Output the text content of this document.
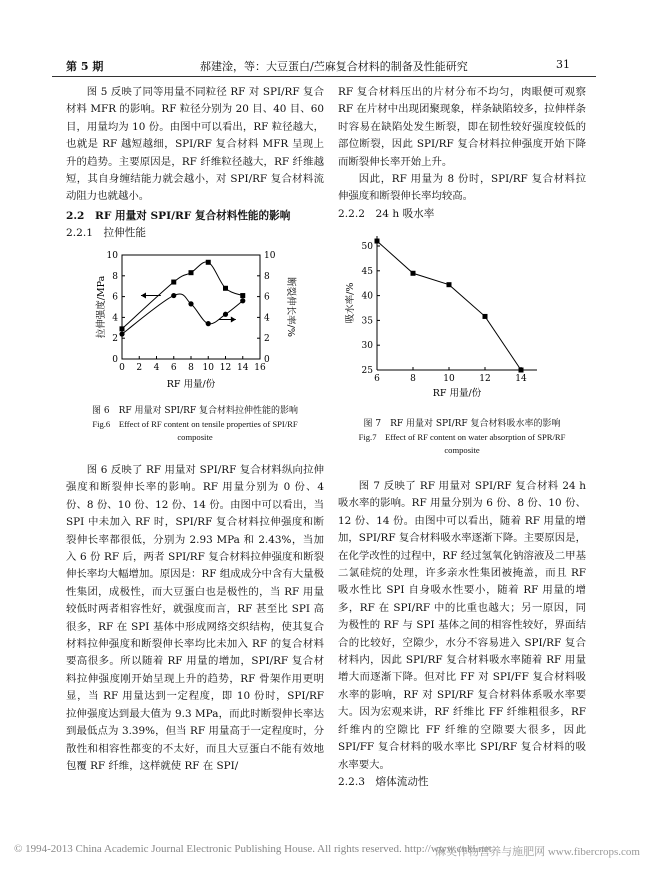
第 5 期	郝建淦，等：大豆蛋白/苎麻复合材料的制备及性能研究	31

图 5 反映了同等用量不同粒径 RF 对 SPI/RF 复合材料 MFR 的影响。RF 粒径分别为 20 目、40 目、60 目，用量均为 10 份。由图中可以看出，RF 粒径越大，也就是 RF 越短越细，SPI/RF 复合材料 MFR 呈现上升的趋势。主要原因是，RF 纤维粒径越大，RF 纤维越短，其自身缠结能力就会越小，对 SPI/RF 复合材料流动阻力也就越小。

2.2　RF 用量对 SPI/RF 复合材料性能的影响

2.2.1　拉伸性能

0 2 4 6 8 10 12 14 16
0
2
4
6
8
10
0
2
4
6
8
10
RF 用量/份
拉伸强度/MPa	断裂伸长率/%
图 6　RF 用量对 SPI/RF 复合材料拉伸性能的影响
Fig.6　Effect of RF content on tensile properties of SPI/RF
composite

图 6 反映了 RF 用量对 SPI/RF 复合材料纵向拉伸强度和断裂伸长率的影响。RF 用量分别为 0 份、4 份、8 份、10 份、12 份、14 份。由图中可以看出，当 SPI 中未加入 RF 时，SPI/RF 复合材料拉伸强度和断裂伸长率都很低，分别为 2.93 MPa 和 2.43%，当加入 6 份 RF 后，两者 SPI/RF 复合材料拉伸强度和断裂伸长率均大幅增加。原因是：RF 组成成分中含有大量极性集团，成极性，而大豆蛋白也是极性的，当 RF 用量较低时两者相容性好，就强度而言，RF 甚至比 SPI 高很多，RF 在 SPI 基体中形成网络交织结构，使其复合材料拉伸强度和断裂伸长率均比未加入 RF 的复合材料要高很多。所以随着 RF 用量的增加，SPI/RF 复合材料拉伸强度刚开始呈现上升的趋势，RF 骨架作用更明显，当 RF 用量达到一定程度，即 10 份时，SPI/RF 拉伸强度达到最大值为 9.3 MPa，而此时断裂伸长率达到最低点为 3.39%，但当 RF 用量高于一定程度时，分散性和相容性都变的不太好，而且大豆蛋白不能有效地包覆 RF 纤维，这样就使 RF 在 SPI/

RF 复合材料压出的片材分布不均匀，肉眼便可观察 RF 在片材中出现团聚现象，样条缺陷较多，拉伸样条时容易在缺陷处发生断裂，即在韧性较好强度较低的部位断裂，因此 SPI/RF 复合材料拉伸强度开始下降而断裂伸长率开始上升。

因此，RF 用量为 8 份时，SPI/RF 复合材料拉伸强度和断裂伸长率均较高。

2.2.2　24 h 吸水率

6	8	10	12	14
25
30
35
40
45
50
RF 用量/份
吸水率/%
图 7　RF 用量对 SPI/RF 复合材料吸水率的影响
Fig.7　Effect of RF content on water absorption of SPR/RF
composite

图 7 反映了 RF 用量对 SPI/RF 复合材料 24 h 吸水率的影响。RF 用量分别为 6 份、8 份、10 份、12 份、14 份。由图中可以看出，随着 RF 用量的增加，SPI/RF 复合材料吸水率逐渐下降。主要原因是，在化学改性的过程中，RF 经过氢氧化钠溶液及二甲基二氯硅烷的处理，许多亲水性集团被掩盖，而且 RF 吸水性比 SPI 自身吸水性要小，随着 RF 用量的增多，RF 在 SPI/RF 中的比重也越大；另一原因，同为极性的 RF 与 SPI 基体之间的相容性较好，界面结合的比较好，空隙少，水分不容易进入 SPI/RF 复合材料内，因此 SPI/RF 复合材料吸水率随着 RF 用量增大而逐渐下降。但对比 FF 对 SPI/FF 复合材料吸水率的影响，RF 对 SPI/RF 复合材料体系吸水率要大。因为宏观来讲，RF 纤维比 FF 纤维粗很多，RF 纤维内的空隙比 FF 纤维的空隙要大很多，因此 SPI/FF 复合材料的吸水率比 SPI/RF 复合材料的吸水率要大。

2.2.3　熔体流动性

© 1994-2013 China Academic Journal Electronic Publishing House. All rights reserved. http://www.cnki.net
麻类作物营养与施肥网 www.fibercrops.com
